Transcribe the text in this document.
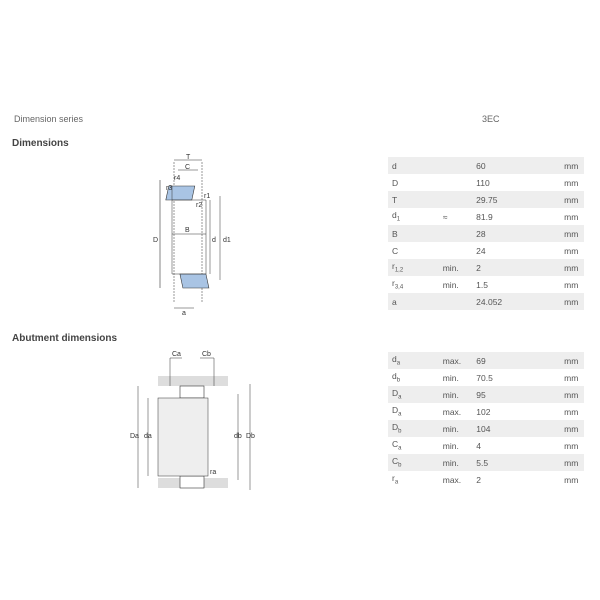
Dimension series	3EC
Dimensions
T
C
r4
r3
r1
r2
B
D	d d1
a
d		60	mm
D		110	mm
T		29.75	mm
$d_1$	≈	81.9	mm
B		28	mm
C		24	mm
$r_{1,2}$	min.	2	mm
$r_{3,4}$	min.	1.5	mm
a		24.052	mm
Abutment dimensions
Ca	Cb
Da da	db Db
ra
$d_a$	max.	69	mm
$d_b$	min.	70.5	mm
$D_a$	min.	95	mm
$D_a$	max.	102	mm
$D_b$	min.	104	mm
$C_a$	min.	4	mm
$C_b$	min.	5.5	mm
$r_a$	max.	2	mm
